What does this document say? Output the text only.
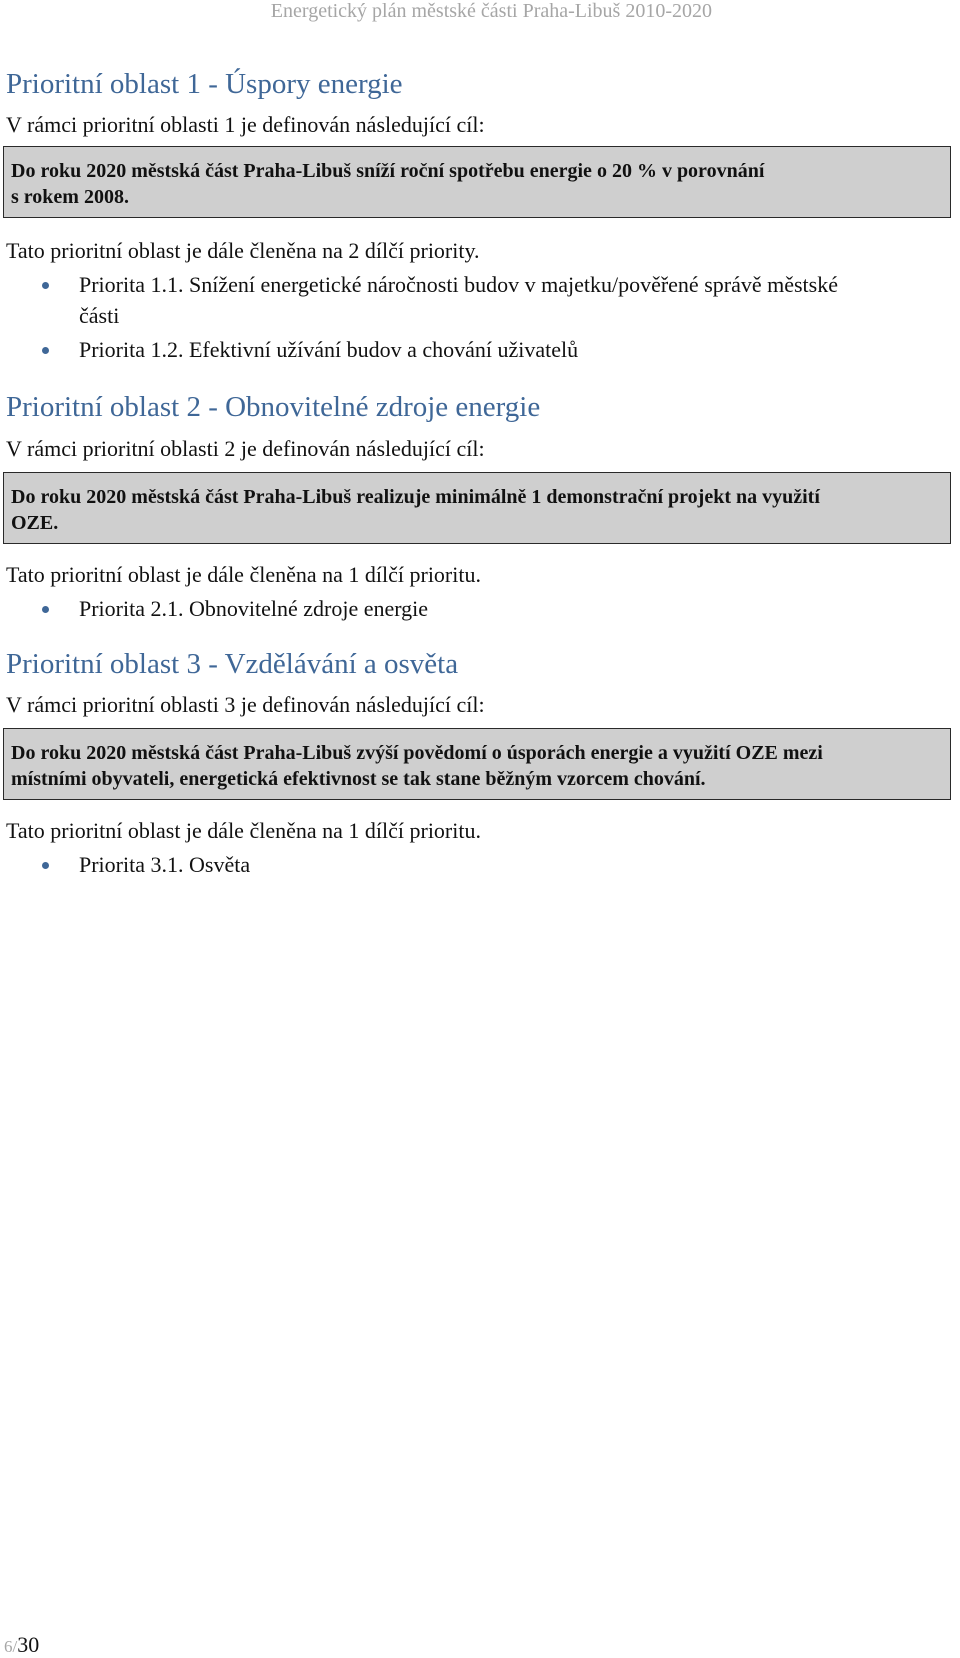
Energetický plán městské části Praha-Libuš 2010-2020
Prioritní oblast 1 - Úspory energie
V rámci prioritní oblasti 1 je definován následující cíl:
Do roku 2020 městská část Praha-Libuš sníží roční spotřebu energie o 20 % v porovnání
s rokem 2008.
Tato prioritní oblast je dále členěna na 2 dílčí priority.
Priorita 1.1. Snížení energetické náročnosti budov v majetku/pověřené správě městské
části
Priorita 1.2. Efektivní užívání budov a chování uživatelů
Prioritní oblast 2 - Obnovitelné zdroje energie
V rámci prioritní oblasti 2 je definován následující cíl:
Do roku 2020 městská část Praha-Libuš realizuje minimálně 1 demonstrační projekt na využití
OZE.
Tato prioritní oblast je dále členěna na 1 dílčí prioritu.
Priorita 2.1. Obnovitelné zdroje energie
Prioritní oblast 3 - Vzdělávání a osvěta
V rámci prioritní oblasti 3 je definován následující cíl:
Do roku 2020 městská část Praha-Libuš zvýší povědomí o úsporách energie a využití OZE mezi
místními obyvateli, energetická efektivnost se tak stane běžným vzorcem chování.
Tato prioritní oblast je dále členěna na 1 dílčí prioritu.
Priorita 3.1. Osvěta
6/30
